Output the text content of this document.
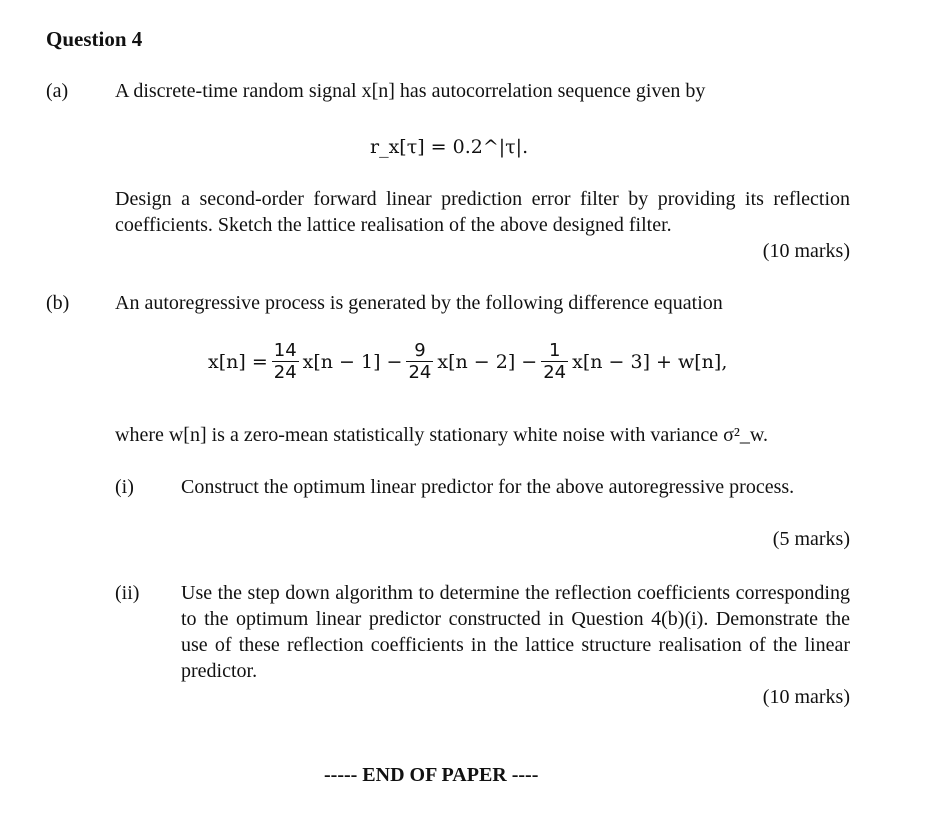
Question 4
(a) A discrete-time random signal x[n] has autocorrelation sequence given by
r_x[τ] = 0.2^|τ|.
Design a second-order forward linear prediction error filter by providing its reflection coefficients. Sketch the lattice realisation of the above designed filter.
(10 marks)
(b) An autoregressive process is generated by the following difference equation
$x[n] = \frac{14}{24} x[n - 1] - \frac{9}{24} x[n - 2] - \frac{1}{24} x[n - 3] + w[n]$,
where w[n] is a zero-mean statistically stationary white noise with variance σ²_w.
(i) Construct the optimum linear predictor for the above autoregressive process.
(5 marks)
(ii) Use the step down algorithm to determine the reflection coefficients corresponding to the optimum linear predictor constructed in Question 4(b)(i). Demonstrate the use of these reflection coefficients in the lattice structure realisation of the linear predictor.
(10 marks)
----- END OF PAPER ----
